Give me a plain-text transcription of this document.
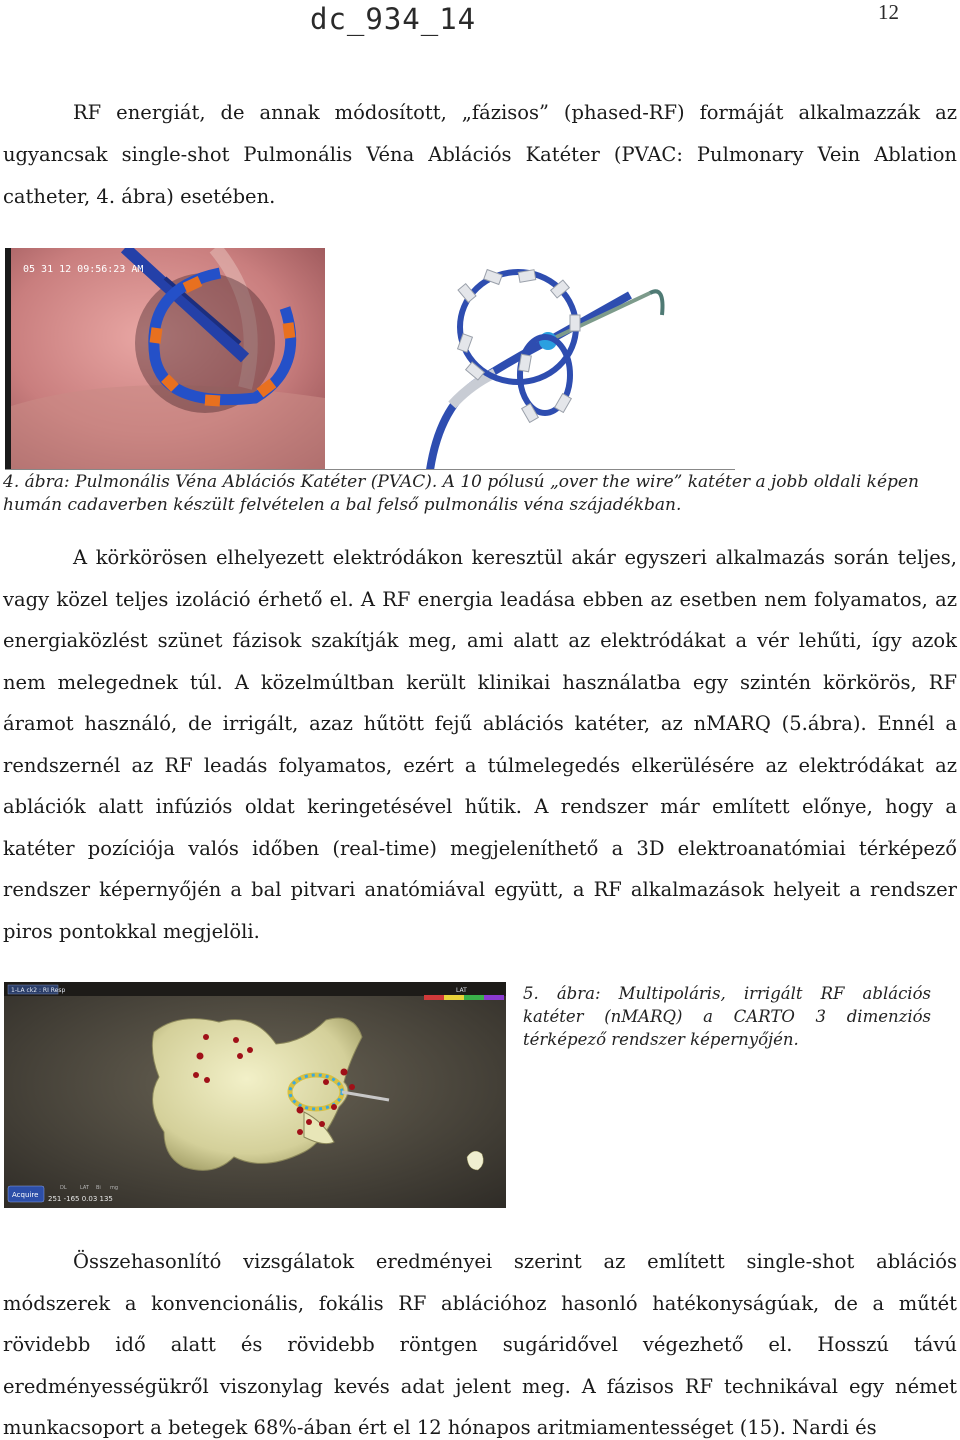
dc_934_14	12

RF energiát, de annak módosított, „fázisos” (phased-RF) formáját alkalmazzák az ugyancsak single-shot Pulmonális Véna Ablációs Katéter (PVAC: Pulmonary Vein Ablation catheter, 4. ábra) esetében.

05 31 12 09:56:23 AM

4. ábra: Pulmonális Véna Ablációs Katéter (PVAC). A 10 pólusú „over the wire” katéter a jobb oldali képen humán cadaverben készült felvételen a bal felső pulmonális véna szájadékban.

A körkörösen elhelyezett elektródákon keresztül akár egyszeri alkalmazás során teljes, vagy közel teljes izoláció érhető el. A RF energia leadása ebben az esetben nem folyamatos, az energiaközlést szünet fázisok szakítják meg, ami alatt az elektródákat a vér lehűti, így azok nem melegednek túl. A közelmúltban került klinikai használatba egy szintén körkörös, RF áramot használó, de irrigált, azaz hűtött fejű ablációs katéter, az nMARQ (5.ábra). Ennél a rendszernél az RF leadás folyamatos, ezért a túlmelegedés elkerülésére az elektródákat az ablációk alatt infúziós oldat keringetésével hűtik. A rendszer már említett előnye, hogy a katéter pozíciója valós időben (real-time) megjeleníthető a 3D elektroanatómiai térképező rendszer képernyőjén a bal pitvari anatómiával együtt, a RF alkalmazások helyeit a rendszer piros pontokkal megjelöli.

1-LA ck2 : RI Resp	LAT
Acquire
DL	LAT Bi mg
251 -165 0.03 135

5. ábra: Multipoláris, irrigált RF ablációs katéter (nMARQ) a CARTO 3 dimenziós térképező rendszer képernyőjén.

Összehasonlító vizsgálatok eredményei szerint az említett single-shot ablációs módszerek a konvencionális, fokális RF ablációhoz hasonló hatékonyságúak, de a műtét rövidebb idő alatt és rövidebb röntgen sugáridővel végezhető el. Hosszú távú eredményességükről viszonylag kevés adat jelent meg. A fázisos RF technikával egy német munkacsoport a betegek 68%-ában ért el 12 hónapos aritmiamentességet (15). Nardi és
